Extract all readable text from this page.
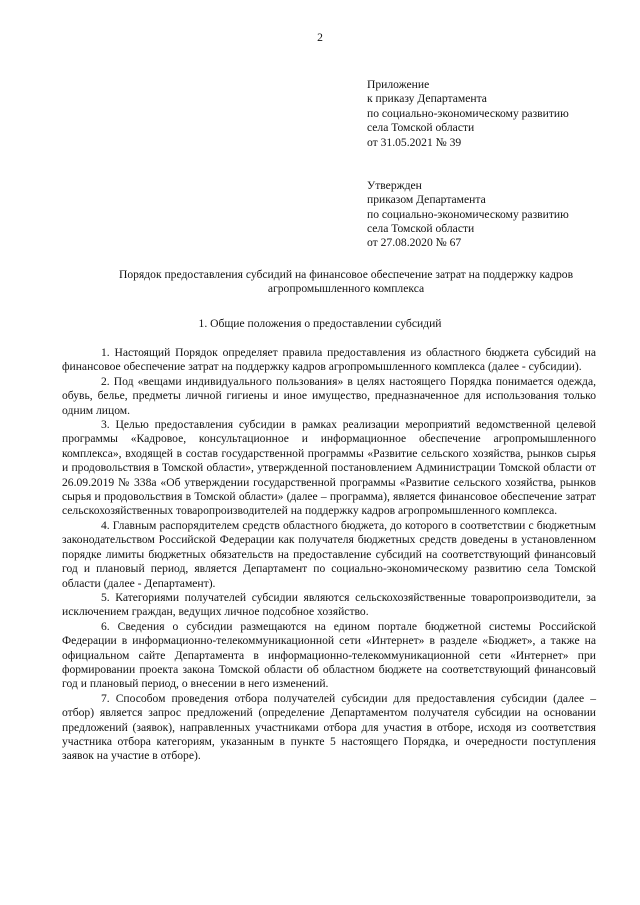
2
Приложение
к приказу Департамента
по социально-экономическому развитию
села Томской области
от 31.05.2021 № 39
Утвержден
приказом Департамента
по социально-экономическому развитию
села Томской области
от 27.08.2020 № 67
Порядок предоставления субсидий на финансовое обеспечение затрат на поддержку кадров агропромышленного комплекса
1. Общие положения о предоставлении субсидий

1. Настоящий Порядок определяет правила предоставления из областного бюджета субсидий на финансовое обеспечение затрат на поддержку кадров агропромышленного комплекса (далее - субсидии).

2. Под «вещами индивидуального пользования» в целях настоящего Порядка понимается одежда, обувь, белье, предметы личной гигиены и иное имущество, предназначенное для использования только одним лицом.

3. Целью предоставления субсидии в рамках реализации мероприятий ведомственной целевой программы «Кадровое, консультационное и информационное обеспечение агропромышленного комплекса», входящей в состав государственной программы «Развитие сельского хозяйства, рынков сырья и продовольствия в Томской области», утвержденной постановлением Администрации Томской области от 26.09.2019 № 338а «Об утверждении государственной программы «Развитие сельского хозяйства, рынков сырья и продовольствия в Томской области» (далее – программа), является финансовое обеспечение затрат сельскохозяйственных товаропроизводителей на поддержку кадров агропромышленного комплекса.

4. Главным распорядителем средств областного бюджета, до которого в соответствии с бюджетным законодательством Российской Федерации как получателя бюджетных средств доведены в установленном порядке лимиты бюджетных обязательств на предоставление субсидий на соответствующий финансовый год и плановый период, является Департамент по социально-экономическому развитию села Томской области (далее - Департамент).

5. Категориями получателей субсидии являются сельскохозяйственные товаропроизводители, за исключением граждан, ведущих личное подсобное хозяйство.

6. Сведения о субсидии размещаются на едином портале бюджетной системы Российской Федерации в информационно-телекоммуникационной сети «Интернет» в разделе «Бюджет», а также на официальном сайте Департамента в информационно-телекоммуникационной сети «Интернет» при формировании проекта закона Томской области об областном бюджете на соответствующий финансовый год и плановый период, о внесении в него изменений.

7. Способом проведения отбора получателей субсидии для предоставления субсидии (далее – отбор) является запрос предложений (определение Департаментом получателя субсидии на основании предложений (заявок), направленных участниками отбора для участия в отборе, исходя из соответствия участника отбора категориям, указанным в пункте 5 настоящего Порядка, и очередности поступления заявок на участие в отборе).
